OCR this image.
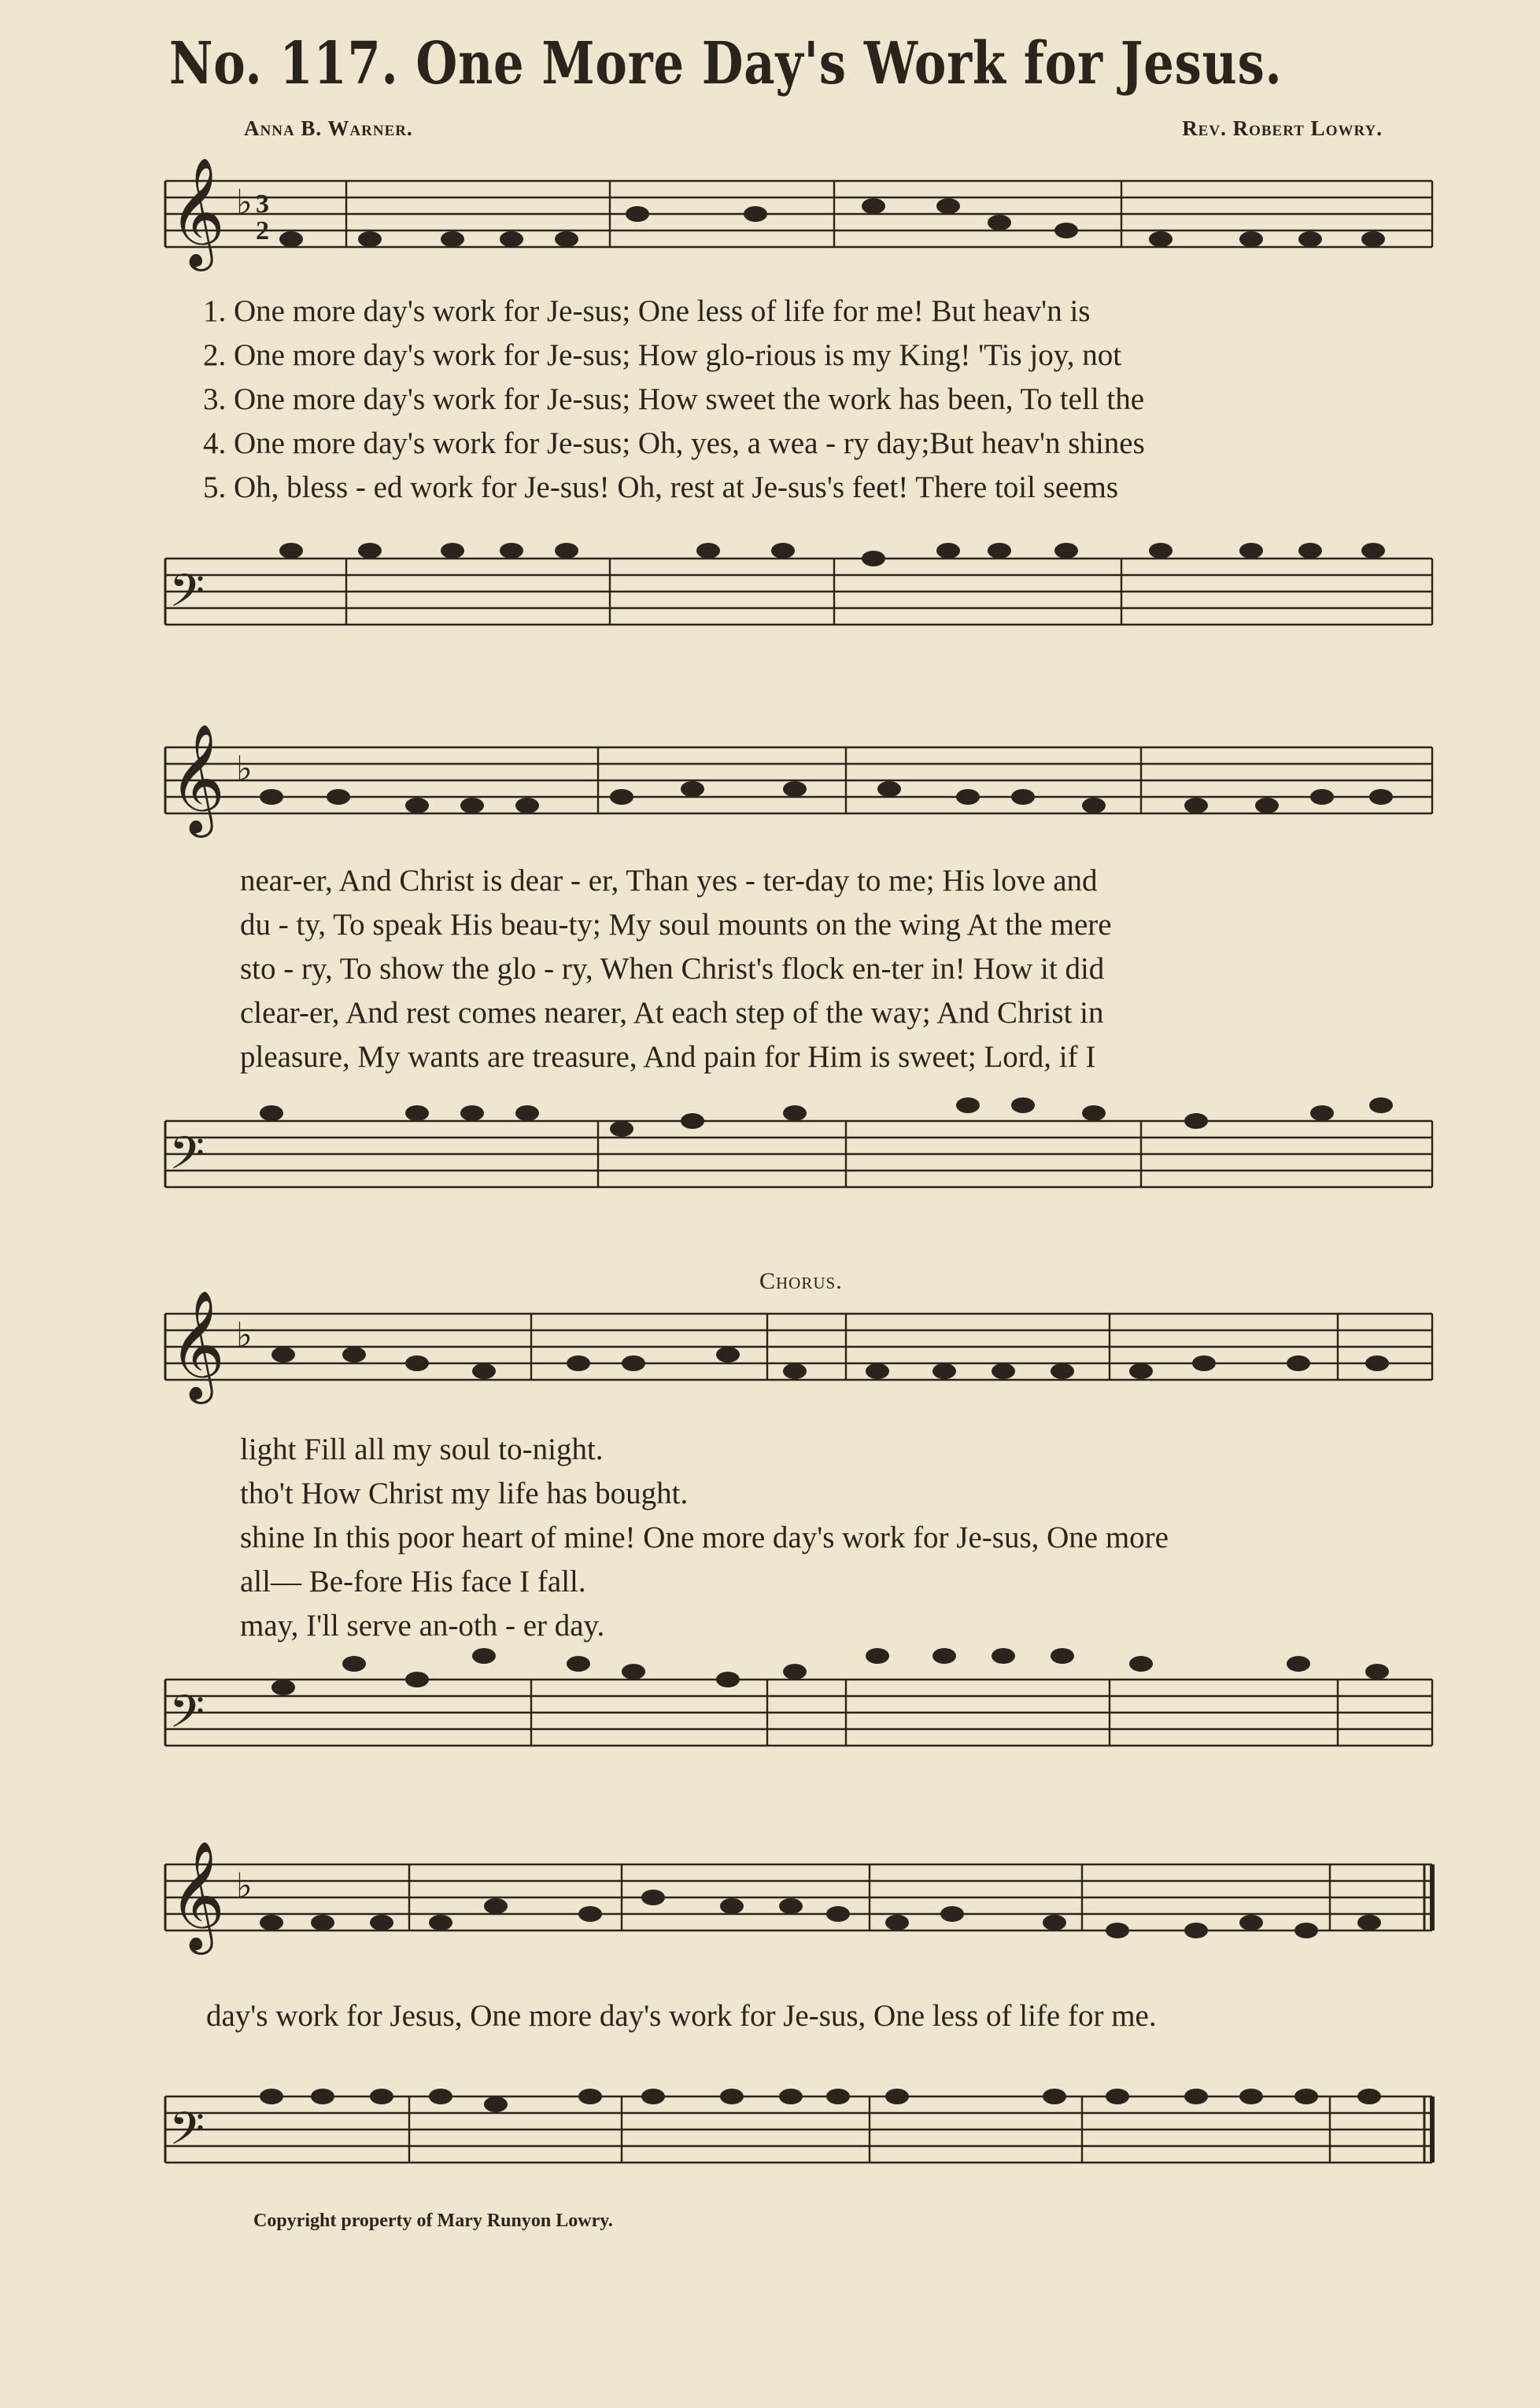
No. 117. One More Day's Work for Jesus.
Anna B. Warner.	Rev. Robert Lowry.
𝄞 ♭ 3
2
1. One more day's work for Je-sus; One less of life for me! But heav'n is
2. One more day's work for Je-sus; How glo-rious is my King! 'Tis joy, not
3. One more day's work for Je-sus; How sweet the work has been, To tell the
4. One more day's work for Je-sus; Oh, yes, a wea - ry day;But heav'n shines
5. Oh, bless - ed work for Je-sus! Oh, rest at Je-sus's feet! There toil seems
𝄢
𝄞 ♭
near-er, And Christ is dear - er, Than yes - ter-day to me; His love and
du - ty, To speak His beau-ty; My soul mounts on the wing At the mere
sto - ry, To show the glo - ry, When Christ's flock en-ter in! How it did
clear-er, And rest comes nearer, At each step of the way; And Christ in
pleasure, My wants are treasure, And pain for Him is sweet; Lord, if I
𝄢
Chorus.
𝄞 ♭
light Fill all my soul to-night.
tho't How Christ my life has bought.
shine In this poor heart of mine! One more day's work for Je-sus, One more
all— Be-fore His face I fall.
may, I'll serve an-oth - er day.
𝄢
𝄞 ♭
day's work for Jesus, One more day's work for Je-sus, One less of life for me.
𝄢
Copyright property of Mary Runyon Lowry.
